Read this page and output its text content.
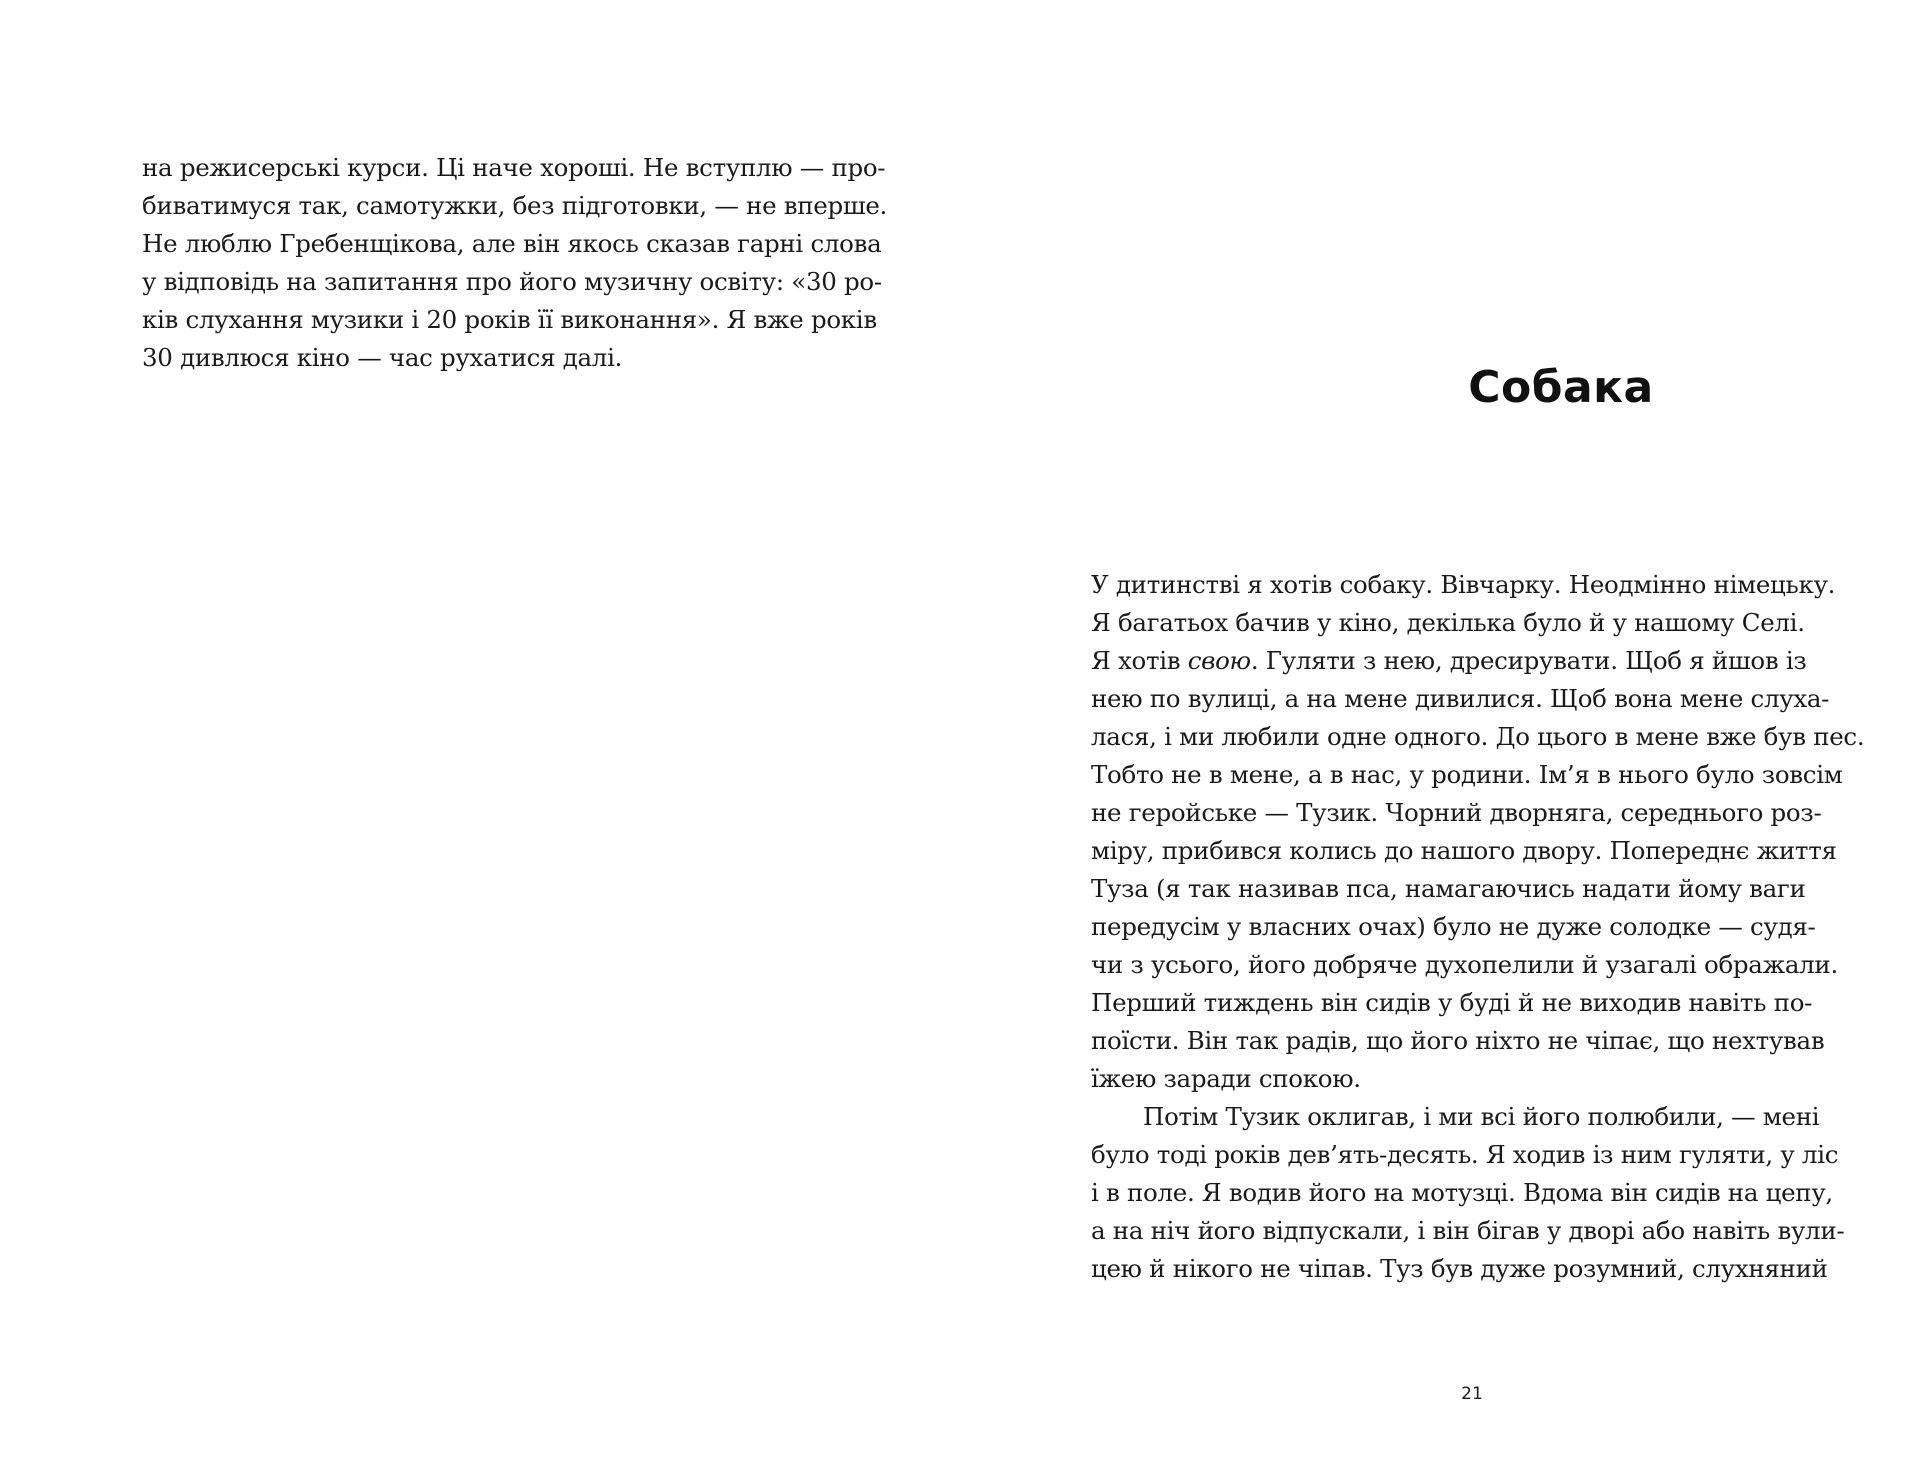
на режисерські курси. Ці наче хороші. Не вступлю — про-
биватимуся так, самотужки, без підготовки, — не вперше.
Не люблю Гребенщікова, але він якось сказав гарні слова
у відповідь на запитання про його музичну освіту: «30 ро-
ків слухання музики і 20 років її виконання». Я вже років
30 дивлюся кіно — час рухатися далі.
Собака
У дитинстві я хотів собаку. Вівчарку. Неодмінно німецьку.
Я багатьох бачив у кіно, декілька було й у нашому Селі.
Я хотів свою. Гуляти з нею, дресирувати. Щоб я йшов із
нею по вулиці, а на мене дивилися. Щоб вона мене слуха-
лася, і ми любили одне одного. До цього в мене вже був пес.
Тобто не в мене, а в нас, у родини. Ім’я в нього було зовсім
не геройське — Тузик. Чорний дворняга, середнього роз-
міру, прибився колись до нашого двору. Попереднє життя
Туза (я так називав пса, намагаючись надати йому ваги
передусім у власних очах) було не дуже солодке — судя-
чи з усього, його добряче духопелили й узагалі ображали.
Перший тиждень він сидів у буді й не виходив навіть по-
поїсти. Він так радів, що його ніхто не чіпає, що нехтував
їжею заради спокою.
Потім Тузик оклигав, і ми всі його полюбили, — мені
було тоді років дев’ять-десять. Я ходив із ним гуляти, у ліс
і в поле. Я водив його на мотузці. Вдома він сидів на цепу,
а на ніч його відпускали, і він бігав у дворі або навіть вули-
цею й нікого не чіпав. Туз був дуже розумний, слухняний
21
